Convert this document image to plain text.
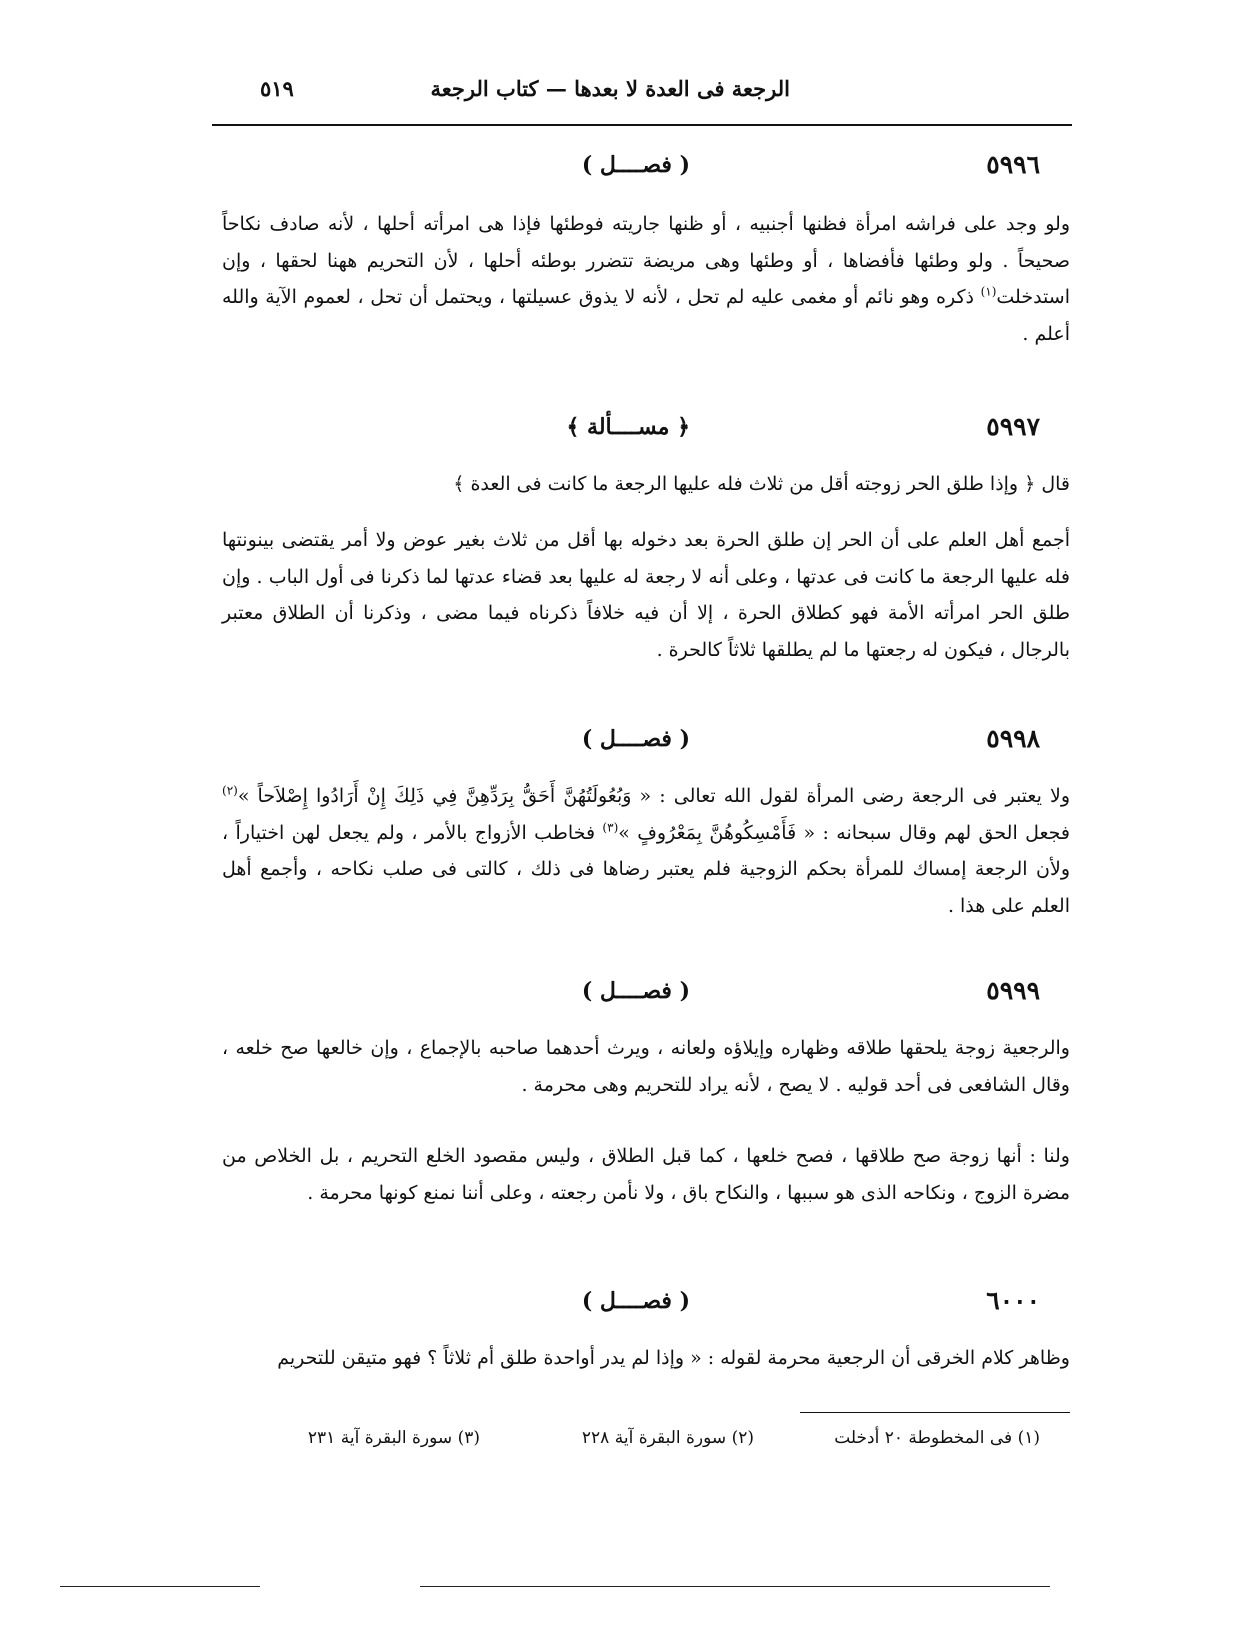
الرجعة فى العدة لا بعدها — كتاب الرجعة
٥١٩
٥٩٩٦
( فصــــل )
ولو وجد على فراشه امرأة فظنها أجنبيه ، أو ظنها جاريته فوطئها فإذا هى امرأته أحلها ، لأنه صادف نكاحاً صحيحاً . ولو وطئها فأفضاها ، أو وطئها وهى مريضة تتضرر بوطئه أحلها ، لأن التحريم ههنا لحقها ، وإن استدخلت$^{(١)}$ ذكره وهو نائم أو مغمى عليه لم تحل ، لأنه لا يذوق عسيلتها ، ويحتمل أن تحل ، لعموم الآية والله أعلم .
٥٩٩٧
﴿ مســــألة ﴾
قال ﴿ وإذا طلق الحر زوجته أقل من ثلاث فله عليها الرجعة ما كانت فى العدة ﴾
أجمع أهل العلم على أن الحر إن طلق الحرة بعد دخوله بها أقل من ثلاث بغير عوض ولا أمر يقتضى بينونتها فله عليها الرجعة ما كانت فى عدتها ، وعلى أنه لا رجعة له عليها بعد قضاء عدتها لما ذكرنا فى أول الباب . وإن طلق الحر امرأته الأمة فهو كطلاق الحرة ، إلا أن فيه خلافاً ذكرناه فيما مضى ، وذكرنا أن الطلاق معتبر بالرجال ، فيكون له رجعتها ما لم يطلقها ثلاثاً كالحرة .
٥٩٩٨
( فصــــل )
ولا يعتبر فى الرجعة رضى المرأة لقول الله تعالى : « وَبُعُولَتُهُنَّ أَحَقُّ بِرَدِّهِنَّ فِي ذَلِكَ إِنْ أَرَادُوا إِصْلاَحاً »$^{(٢)}$ فجعل الحق لهم وقال سبحانه : « فَأَمْسِكُوهُنَّ بِمَعْرُوفٍ »$^{(٣)}$ فخاطب الأزواج بالأمر ، ولم يجعل لهن اختياراً ، ولأن الرجعة إمساك للمرأة بحكم الزوجية فلم يعتبر رضاها فى ذلك ، كالتى فى صلب نكاحه ، وأجمع أهل العلم على هذا .
٥٩٩٩
( فصــــل )
والرجعية زوجة يلحقها طلاقه وظهاره وإيلاؤه ولعانه ، ويرث أحدهما صاحبه بالإجماع ، وإن خالعها صح خلعه ، وقال الشافعى فى أحد قوليه . لا يصح ، لأنه يراد للتحريم وهى محرمة .
ولنا : أنها زوجة صح طلاقها ، فصح خلعها ، كما قبل الطلاق ، وليس مقصود الخلع التحريم ، بل الخلاص من مضرة الزوج ، ونكاحه الذى هو سببها ، والنكاح باق ، ولا نأمن رجعته ، وعلى أننا نمنع كونها محرمة .
٦٠٠٠
( فصــــل )
وظاهر كلام الخرقى أن الرجعية محرمة لقوله : « وإذا لم يدر أواحدة طلق أم ثلاثاً ؟ فهو متيقن للتحريم
(١) فى المخطوطة ٢٠ أدخلت
(٢) سورة البقرة آية ٢٢٨
(٣) سورة البقرة آية ٢٣١
